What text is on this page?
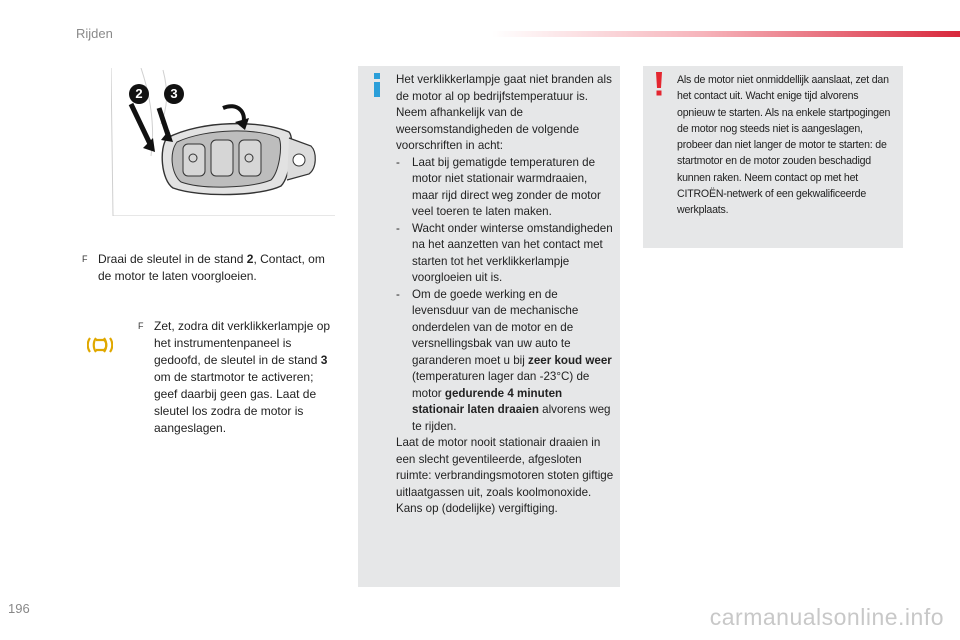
Rijden
2 3
F Draai de sleutel in de stand 2, Contact, om de motor te laten voorgloeien.
F Zet, zodra dit verklikkerlampje op het instrumentenpaneel is gedoofd, de sleutel in de stand 3 om de startmotor te activeren; geef daarbij geen gas. Laat de sleutel los zodra de motor is aangeslagen.

Het verklikkerlampje gaat niet branden als de motor al op bedrijfstemperatuur is. Neem afhankelijk van de weersomstandigheden de volgende voorschriften in acht:

-	Laat bij gematigde temperaturen de motor niet stationair warmdraaien, maar rijd direct weg zonder de motor veel toeren te laten maken.
-	Wacht onder winterse omstandigheden na het aanzetten van het contact met starten tot het verklikkerlampje voorgloeien uit is.
-	Om de goede werking en de levensduur van de mechanische onderdelen van de motor en de versnellingsbak van uw auto te garanderen moet u bij zeer koud weer (temperaturen lager dan -23°C) de motor gedurende 4 minuten stationair laten draaien alvorens weg te rijden.

Laat de motor nooit stationair draaien in een slecht geventileerde, afgesloten ruimte: verbrandingsmotoren stoten giftige uitlaatgassen uit, zoals koolmonoxide. Kans op (dodelijke) vergiftiging.

Als de motor niet onmiddellijk aanslaat, zet dan het contact uit. Wacht enige tijd alvorens opnieuw te starten. Als na enkele startpogingen de motor nog steeds niet is aangeslagen, probeer dan niet langer de motor te starten: de startmotor en de motor zouden beschadigd kunnen raken. Neem contact op met het CITROËN-netwerk of een gekwalificeerde werkplaats.
196	carmanualsonline.info
